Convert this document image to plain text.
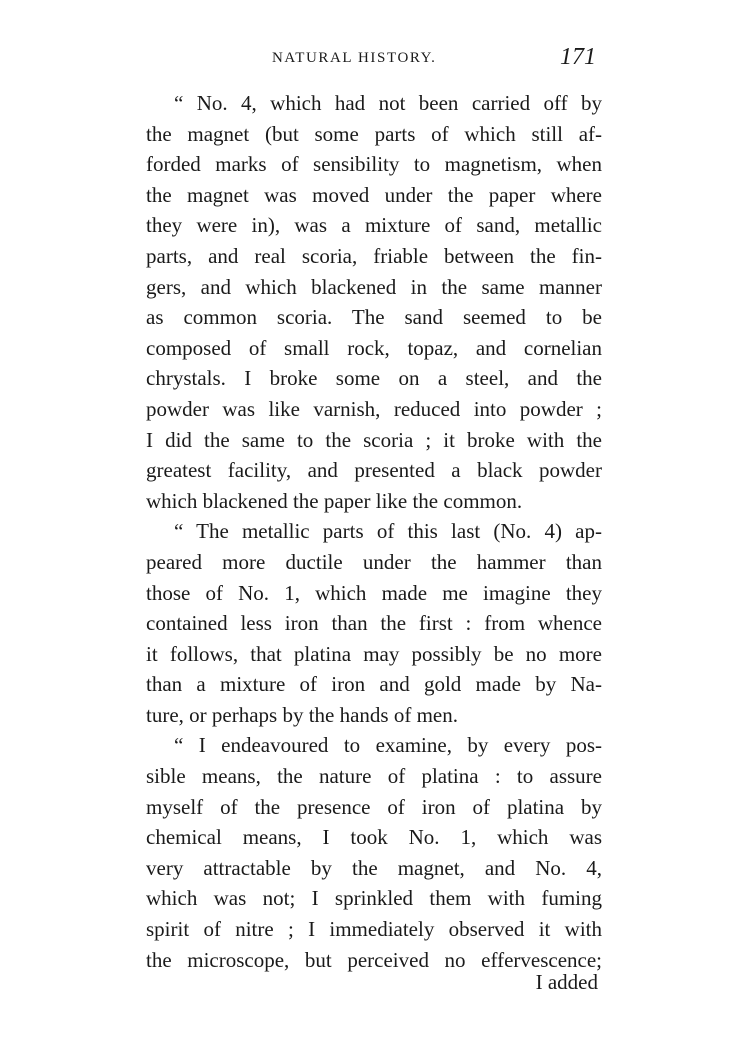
NATURAL HISTORY.	171
“ No. 4, which had not been carried off by
the magnet (but some parts of which still af-
forded marks of sensibility to magnetism, when
the magnet was moved under the paper where
they were in), was a mixture of sand, metallic
parts, and real scoria, friable between the fin-
gers, and which blackened in the same manner
as common scoria. The sand seemed to be
composed of small rock, topaz, and cornelian
chrystals. I broke some on a steel, and the
powder was like varnish, reduced into powder ;
I did the same to the scoria ; it broke with the
greatest facility, and presented a black powder
which blackened the paper like the common.
“ The metallic parts of this last (No. 4) ap-
peared more ductile under the hammer than
those of No. 1, which made me imagine they
contained less iron than the first : from whence
it follows, that platina may possibly be no more
than a mixture of iron and gold made by Na-
ture, or perhaps by the hands of men.
“ I endeavoured to examine, by every pos-
sible means, the nature of platina : to assure
myself of the presence of iron of platina by
chemical means, I took No. 1, which was
very attractable by the magnet, and No. 4,
which was not; I sprinkled them with fuming
spirit of nitre ; I immediately observed it with
the microscope, but perceived no effervescence;
I added
